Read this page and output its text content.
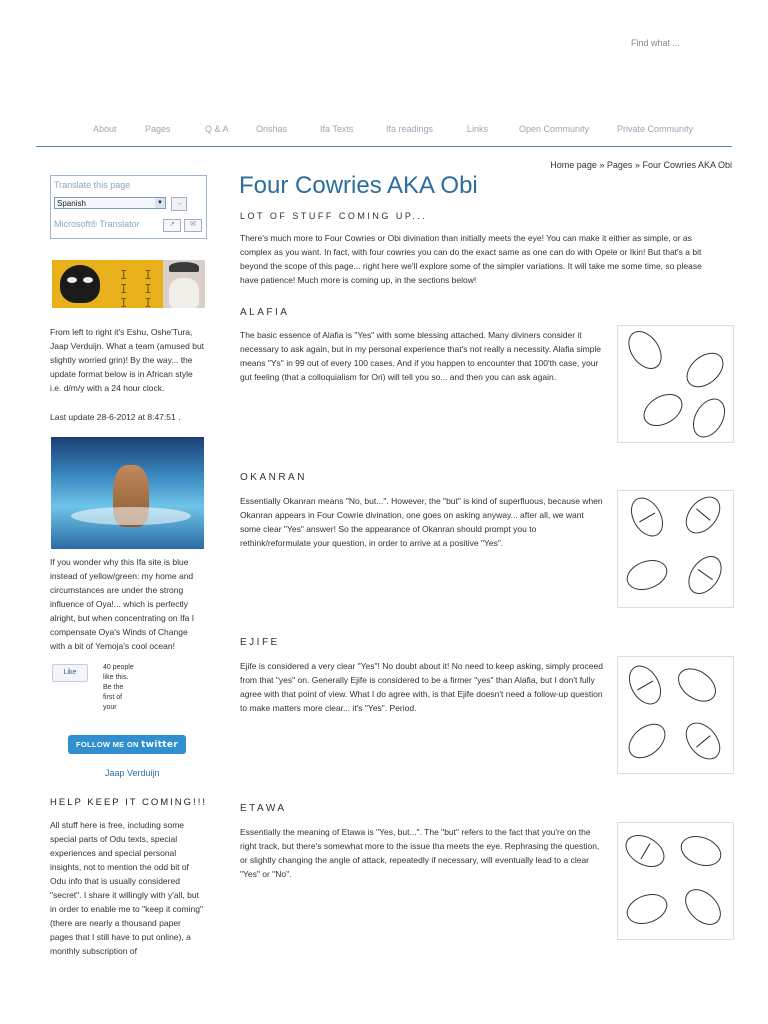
Find what ...
About	Pages	Q & A	Orishas	Ifa Texts	Ifa readings	Links	Open Community	Private Community
Home page » Pages » Four Cowries AKA Obi
Translate this page
Spanish	▼	→
Microsoft® Translator	↗	✉
I I
I I
I I
From left to right it's Eshu, Oshe'Tura, Jaap Verduijn. What a team (amused but slightly worried grin)! By the way... the update format below is in African style i.e. d/m/y with a 24 hour clock.
Last update 28-6-2012 at 8:47:51 .
If you wonder why this Ifa site is blue instead of yellow/green: my home and circumstances are under the strong influence of Oya!... which is perfectly alright, but when concentrating on Ifa I compensate Oya's Winds of Change with a bit of Yemoja's cool ocean!
Like
40 people like this. Be the first of your
FOLLOW ME ON twitter
Jaap Verduijn
HELP KEEP IT COMING!!!
All stuff here is free, including some special parts of Odu texts, special experiences and special personal insights, not to mention the odd bit of Odu info that is usually considered "secret". I share it willingly with y'all, but in order to enable me to "keep it coming" (there are nearly a thousand paper pages that I still have to put online), a monthly subscription of
Four Cowries AKA Obi
LOT OF STUFF COMING UP...
There's much more to Four Cowries or Obi divination than initially meets the eye! You can make it either as simple, or as complex as you want. In fact, with four cowries you can do the exact same as one can do with Opele or Ikin! But that's a bit beyond the scope of this page... right here we'll explore some of the simpler variations. It will take me some time, so please have patience! Much more is coming up, in the sections below!
ALAFIA
The basic essence of Alafia is "Yes" with some blessing attached. Many diviners consider it necessary to ask again, but in my personal experience that's not really a necessity. Alafia simple means "Ys" in 99 out of every 100 cases. And if you happen to encounter that 100'th case, your gut feeling (that a colloquialism for Ori) will tell you so... and then you can ask again.
OKANRAN
Essentially Okanran means "No, but...". However, the "but" is kind of superfluous, because when Okanran appears in Four Cowrie divination, one goes on asking anyway... after all, we want some clear "Yes" answer! So the appearance of Okanran should prompt you to rethink/reformulate your question, in order to arrive at a positive "Yes".
EJIFE
Ejife is considered a very clear "Yes"! No doubt about it! No need to keep asking, simply proceed from that "yes" on. Generally Ejife is considered to be a firmer "yes" than Alafia, but I don't fully agree with that point of view. What I do agree with, is that Ejife doesn't need a follow-up question to make matters more clear... it's "Yes". Period.
ETAWA
Essentially the meaning of Etawa is "Yes, but...". The "but" refers to the fact that you're on the right track, but there's somewhat more to the issue tha meets the eye. Rephrasing the question, or slightly changing the angle of attack, repeatedly if necessary, will eventually lead to a clear "Yes" or "No".
